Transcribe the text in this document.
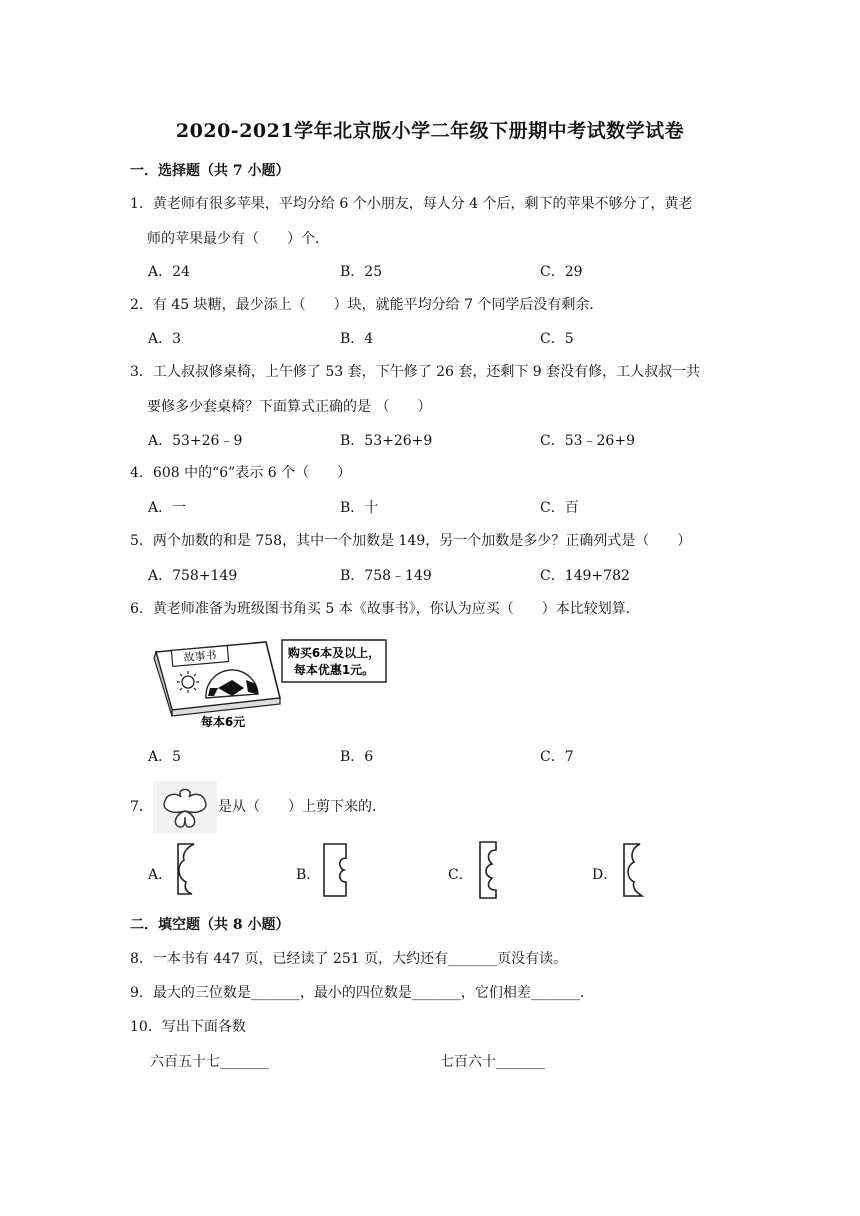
2020-2021学年北京版小学二年级下册期中考试数学试卷
一．选择题（共 7 小题）
1．黄老师有很多苹果，平均分给 6 个小朋友，每人分 4 个后，剩下的苹果不够分了，黄老
师的苹果最少有（　　）个．
A．24	B．25	C．29
2．有 45 块糖，最少添上（　　）块，就能平均分给 7 个同学后没有剩余．
A．3	B．4	C．5
3．工人叔叔修桌椅，上午修了 53 套，下午修了 26 套，还剩下 9 套没有修，工人叔叔一共
要修多少套桌椅？下面算式正确的是 （　　）
A．53+26﹣9	B．53+26+9	C．53﹣26+9
4．608 中的“6”表示 6 个（　　）
A．一	B．十	C．百
5．两个加数的和是 758，其中一个加数是 149，另一个加数是多少？正确列式是（　　）
A．758+149	B．758﹣149	C．149+782
6．黄老师准备为班级图书角买 5 本《故事书》，你认为应买（　　）本比较划算．
故事书	购买6本及以上，
每本优惠1元。
每本6元
A．5	B．6	C．7
7．	是从（　　）上剪下来的．
A．	B．	C．	D．
二．填空题（共 8 小题）
8．一本书有 447 页，已经读了 251 页，大约还有_______页没有读。
9．最大的三位数是_______，最小的四位数是_______，它们相差_______．
10．写出下面各数
六百五十七_______	七百六十_______
